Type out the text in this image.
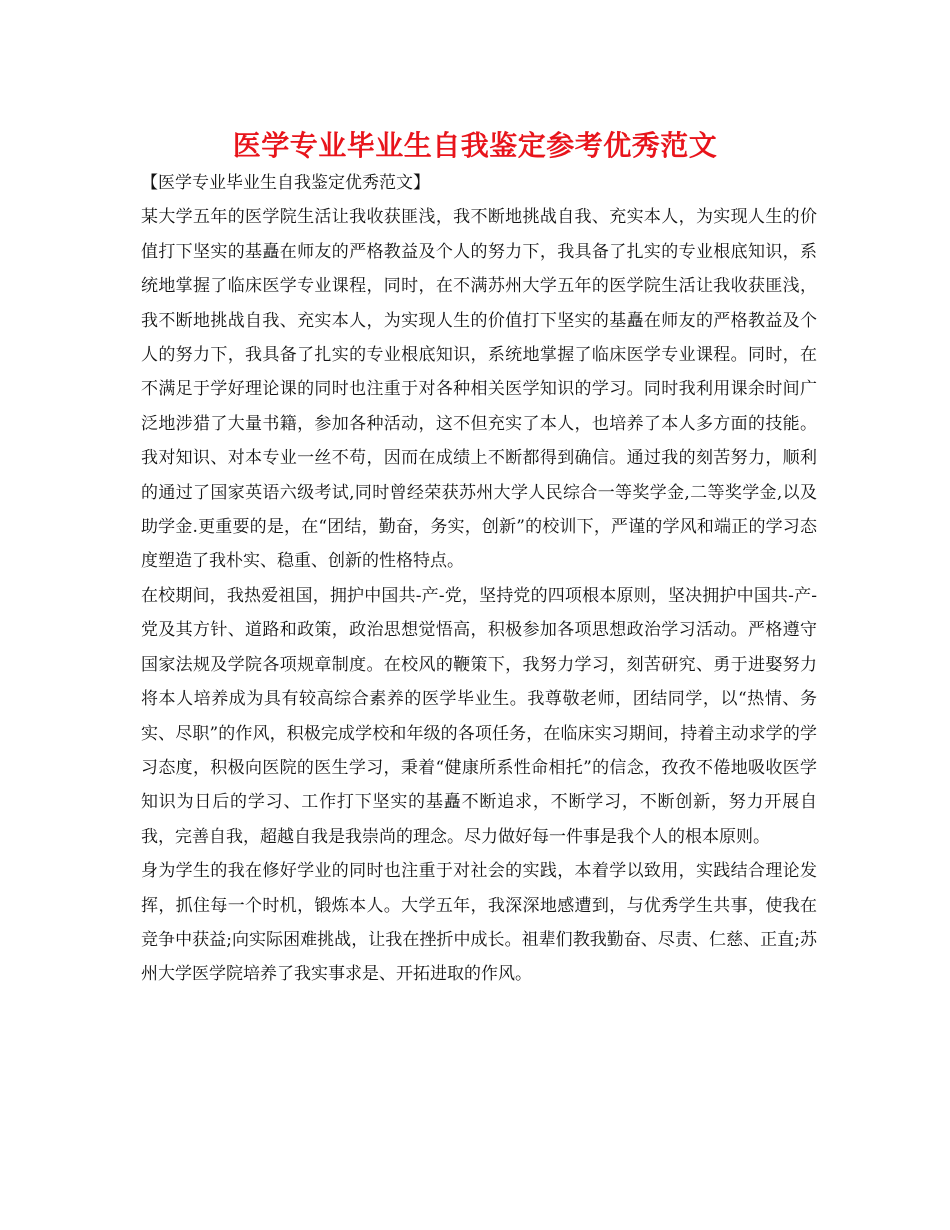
医学专业毕业生自我鉴定参考优秀范文

【医学专业毕业生自我鉴定优秀范文】

某大学五年的医学院生活让我收获匪浅，我不断地挑战自我、充实本人，为实现人生的价值打下坚实的基矗在师友的严格教益及个人的努力下，我具备了扎实的专业根底知识，系统地掌握了临床医学专业课程，同时，在不满苏州大学五年的医学院生活让我收获匪浅，我不断地挑战自我、充实本人，为实现人生的价值打下坚实的基矗在师友的严格教益及个人的努力下，我具备了扎实的专业根底知识，系统地掌握了临床医学专业课程。同时，在不满足于学好理论课的同时也注重于对各种相关医学知识的学习。同时我利用课余时间广泛地涉猎了大量书籍，参加各种活动，这不但充实了本人，也培养了本人多方面的技能。我对知识、对本专业一丝不苟，因而在成绩上不断都得到确信。通过我的刻苦努力，顺利的通过了国家英语六级考试,同时曾经荣获苏州大学人民综合一等奖学金,二等奖学金,以及助学金.更重要的是，在“团结，勤奋，务实，创新”的校训下，严谨的学风和端正的学习态度塑造了我朴实、稳重、创新的性格特点。

在校期间，我热爱祖国，拥护中国共-产-党，坚持党的四项根本原则，坚决拥护中国共-产-党及其方针、道路和政策，政治思想觉悟高，积极参加各项思想政治学习活动。严格遵守国家法规及学院各项规章制度。在校风的鞭策下，我努力学习，刻苦研究、勇于进娶努力将本人培养成为具有较高综合素养的医学毕业生。我尊敬老师，团结同学，以“热情、务实、尽职”的作风，积极完成学校和年级的各项任务，在临床实习期间，持着主动求学的学习态度，积极向医院的医生学习，秉着“健康所系性命相托”的信念，孜孜不倦地吸收医学知识为日后的学习、工作打下坚实的基矗不断追求，不断学习，不断创新，努力开展自我，完善自我，超越自我是我崇尚的理念。尽力做好每一件事是我个人的根本原则。

身为学生的我在修好学业的同时也注重于对社会的实践，本着学以致用，实践结合理论发挥，抓住每一个时机，锻炼本人。大学五年，我深深地感遭到，与优秀学生共事，使我在竞争中获益;向实际困难挑战，让我在挫折中成长。祖辈们教我勤奋、尽责、仁慈、正直;苏州大学医学院培养了我实事求是、开拓进取的作风。
